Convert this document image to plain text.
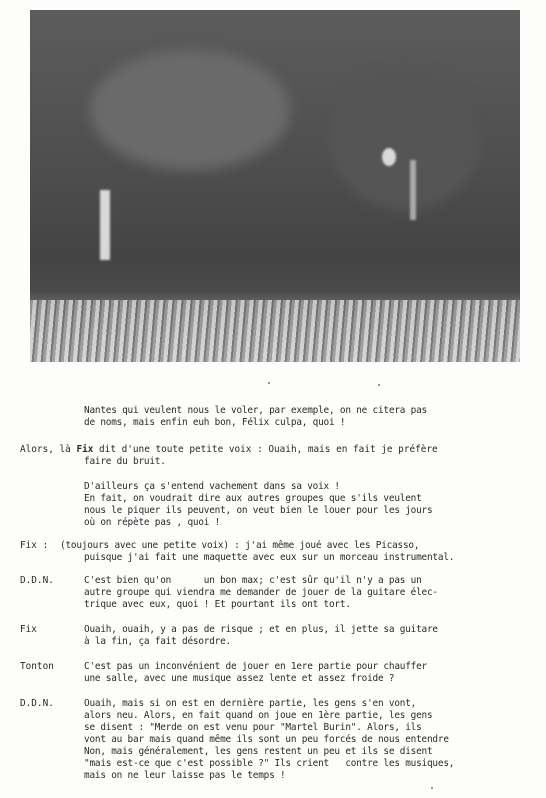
Nantes qui veulent nous le voler, par exemple, on ne citera pas
de noms, mais enfin euh bon, Félix culpa, quoi !
Alors, là Fix dit d'une toute petite voix : Ouaih, mais en fait je préfère
faire du bruit.
D'ailleurs ça s'entend vachement dans sa voix !
En fait, on voudrait dire aux autres groupes que s'ils veulent
nous le piquer ils peuvent, on veut bien le louer pour les jours
où on répète pas , quoi !
Fix : (toujours avec une petite voix) : j'ai même joué avec les Picasso,
puisque j'ai fait une maquette avec eux sur un morceau instrumental.
D.D.N.	C'est bien qu'on      un bon max; c'est sûr qu'il n'y a pas un
autre groupe qui viendra me demander de jouer de la guitare élec-
trique avec eux, quoi ! Et pourtant ils ont tort.
Fix	Ouaih, ouaih, y a pas de risque ; et en plus, il jette sa guitare
à la fin, ça fait désordre.
Tonton	C'est pas un inconvénient de jouer en 1ere partie pour chauffer
une salle, avec une musique assez lente et assez froide ?
D.D.N.	Ouaih, mais si on est en dernière partie, les gens s'en vont,
alors neu. Alors, en fait quand on joue en 1ère partie, les gens
se disent : "Merde on est venu pour "Martel Burin". Alors, ils
vont au bar mais quand même ils sont un peu forcés de nous entendre
Non, mais généralement, les gens restent un peu et ils se disent
"mais est-ce que c'est possible ?" Ils crient   contre les musiques,
mais on ne leur laisse pas le temps !
